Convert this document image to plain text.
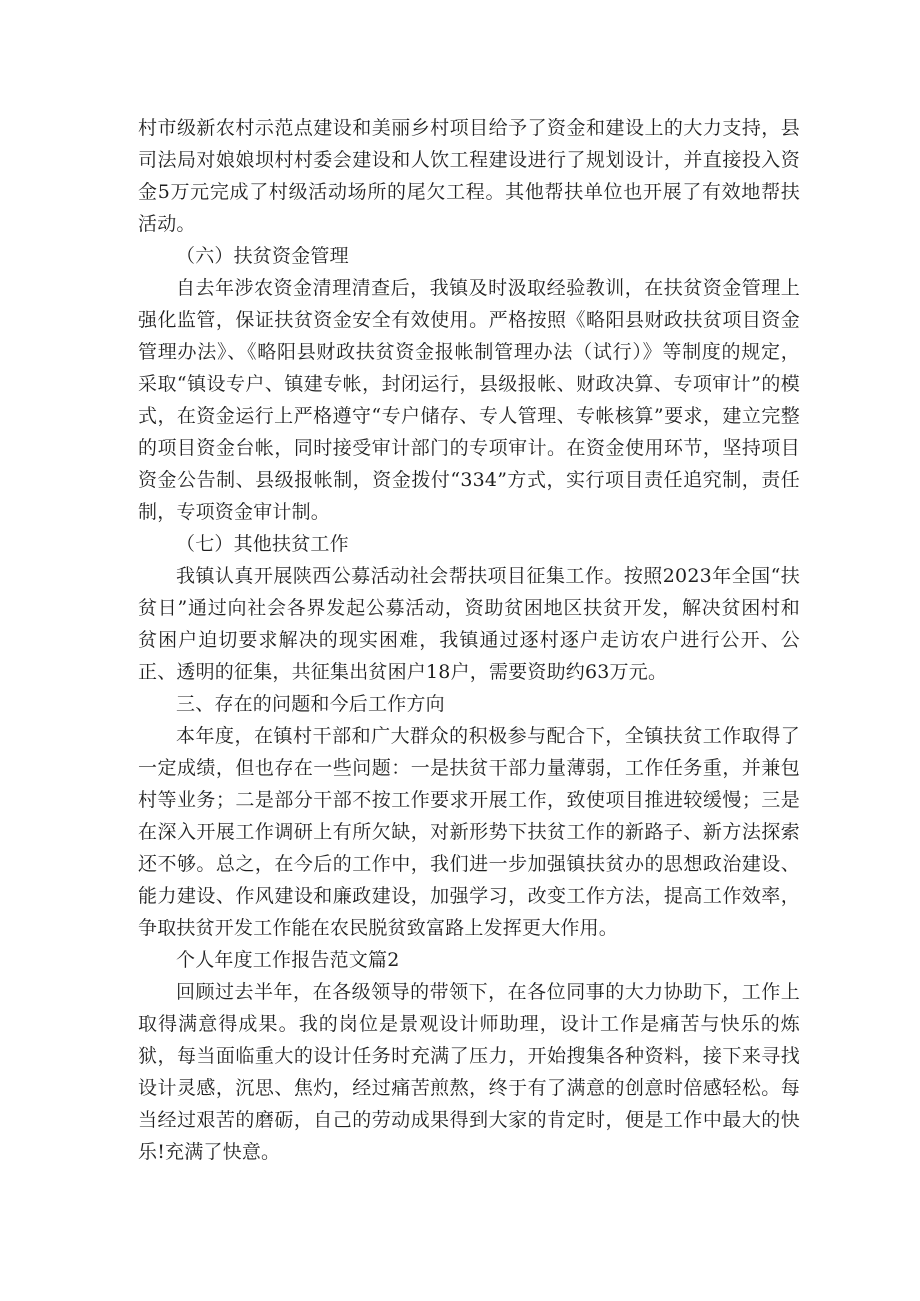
村市级新农村示范点建设和美丽乡村项目给予了资金和建设上的大力支持，县司法局对娘娘坝村村委会建设和人饮工程建设进行了规划设计，并直接投入资金5万元完成了村级活动场所的尾欠工程。其他帮扶单位也开展了有效地帮扶活动。

（六）扶贫资金管理

自去年涉农资金清理清查后，我镇及时汲取经验教训，在扶贫资金管理上强化监管，保证扶贫资金安全有效使用。严格按照《略阳县财政扶贫项目资金管理办法》、《略阳县财政扶贫资金报帐制管理办法（试行）》等制度的规定，采取“镇设专户、镇建专帐，封闭运行，县级报帐、财政决算、专项审计”的模式，在资金运行上严格遵守“专户储存、专人管理、专帐核算”要求，建立完整的项目资金台帐，同时接受审计部门的专项审计。在资金使用环节，坚持项目资金公告制、县级报帐制，资金拨付“334”方式，实行项目责任追究制，责任制，专项资金审计制。

（七）其他扶贫工作

我镇认真开展陕西公募活动社会帮扶项目征集工作。按照2023年全国“扶贫日”通过向社会各界发起公募活动，资助贫困地区扶贫开发，解决贫困村和贫困户迫切要求解决的现实困难，我镇通过逐村逐户走访农户进行公开、公正、透明的征集，共征集出贫困户18户，需要资助约63万元。

三、存在的问题和今后工作方向

本年度，在镇村干部和广大群众的积极参与配合下，全镇扶贫工作取得了一定成绩，但也存在一些问题：一是扶贫干部力量薄弱，工作任务重，并兼包村等业务；二是部分干部不按工作要求开展工作，致使项目推进较缓慢；三是在深入开展工作调研上有所欠缺，对新形势下扶贫工作的新路子、新方法探索还不够。总之，在今后的工作中，我们进一步加强镇扶贫办的思想政治建设、能力建设、作风建设和廉政建设，加强学习，改变工作方法，提高工作效率，争取扶贫开发工作能在农民脱贫致富路上发挥更大作用。

个人年度工作报告范文篇2

回顾过去半年，在各级领导的带领下，在各位同事的大力协助下，工作上取得满意得成果。我的岗位是景观设计师助理，设计工作是痛苦与快乐的炼狱，每当面临重大的设计任务时充满了压力，开始搜集各种资料，接下来寻找设计灵感，沉思、焦灼，经过痛苦煎熬，终于有了满意的创意时倍感轻松。每当经过艰苦的磨砺，自己的劳动成果得到大家的肯定时，便是工作中最大的快乐!充满了快意。
